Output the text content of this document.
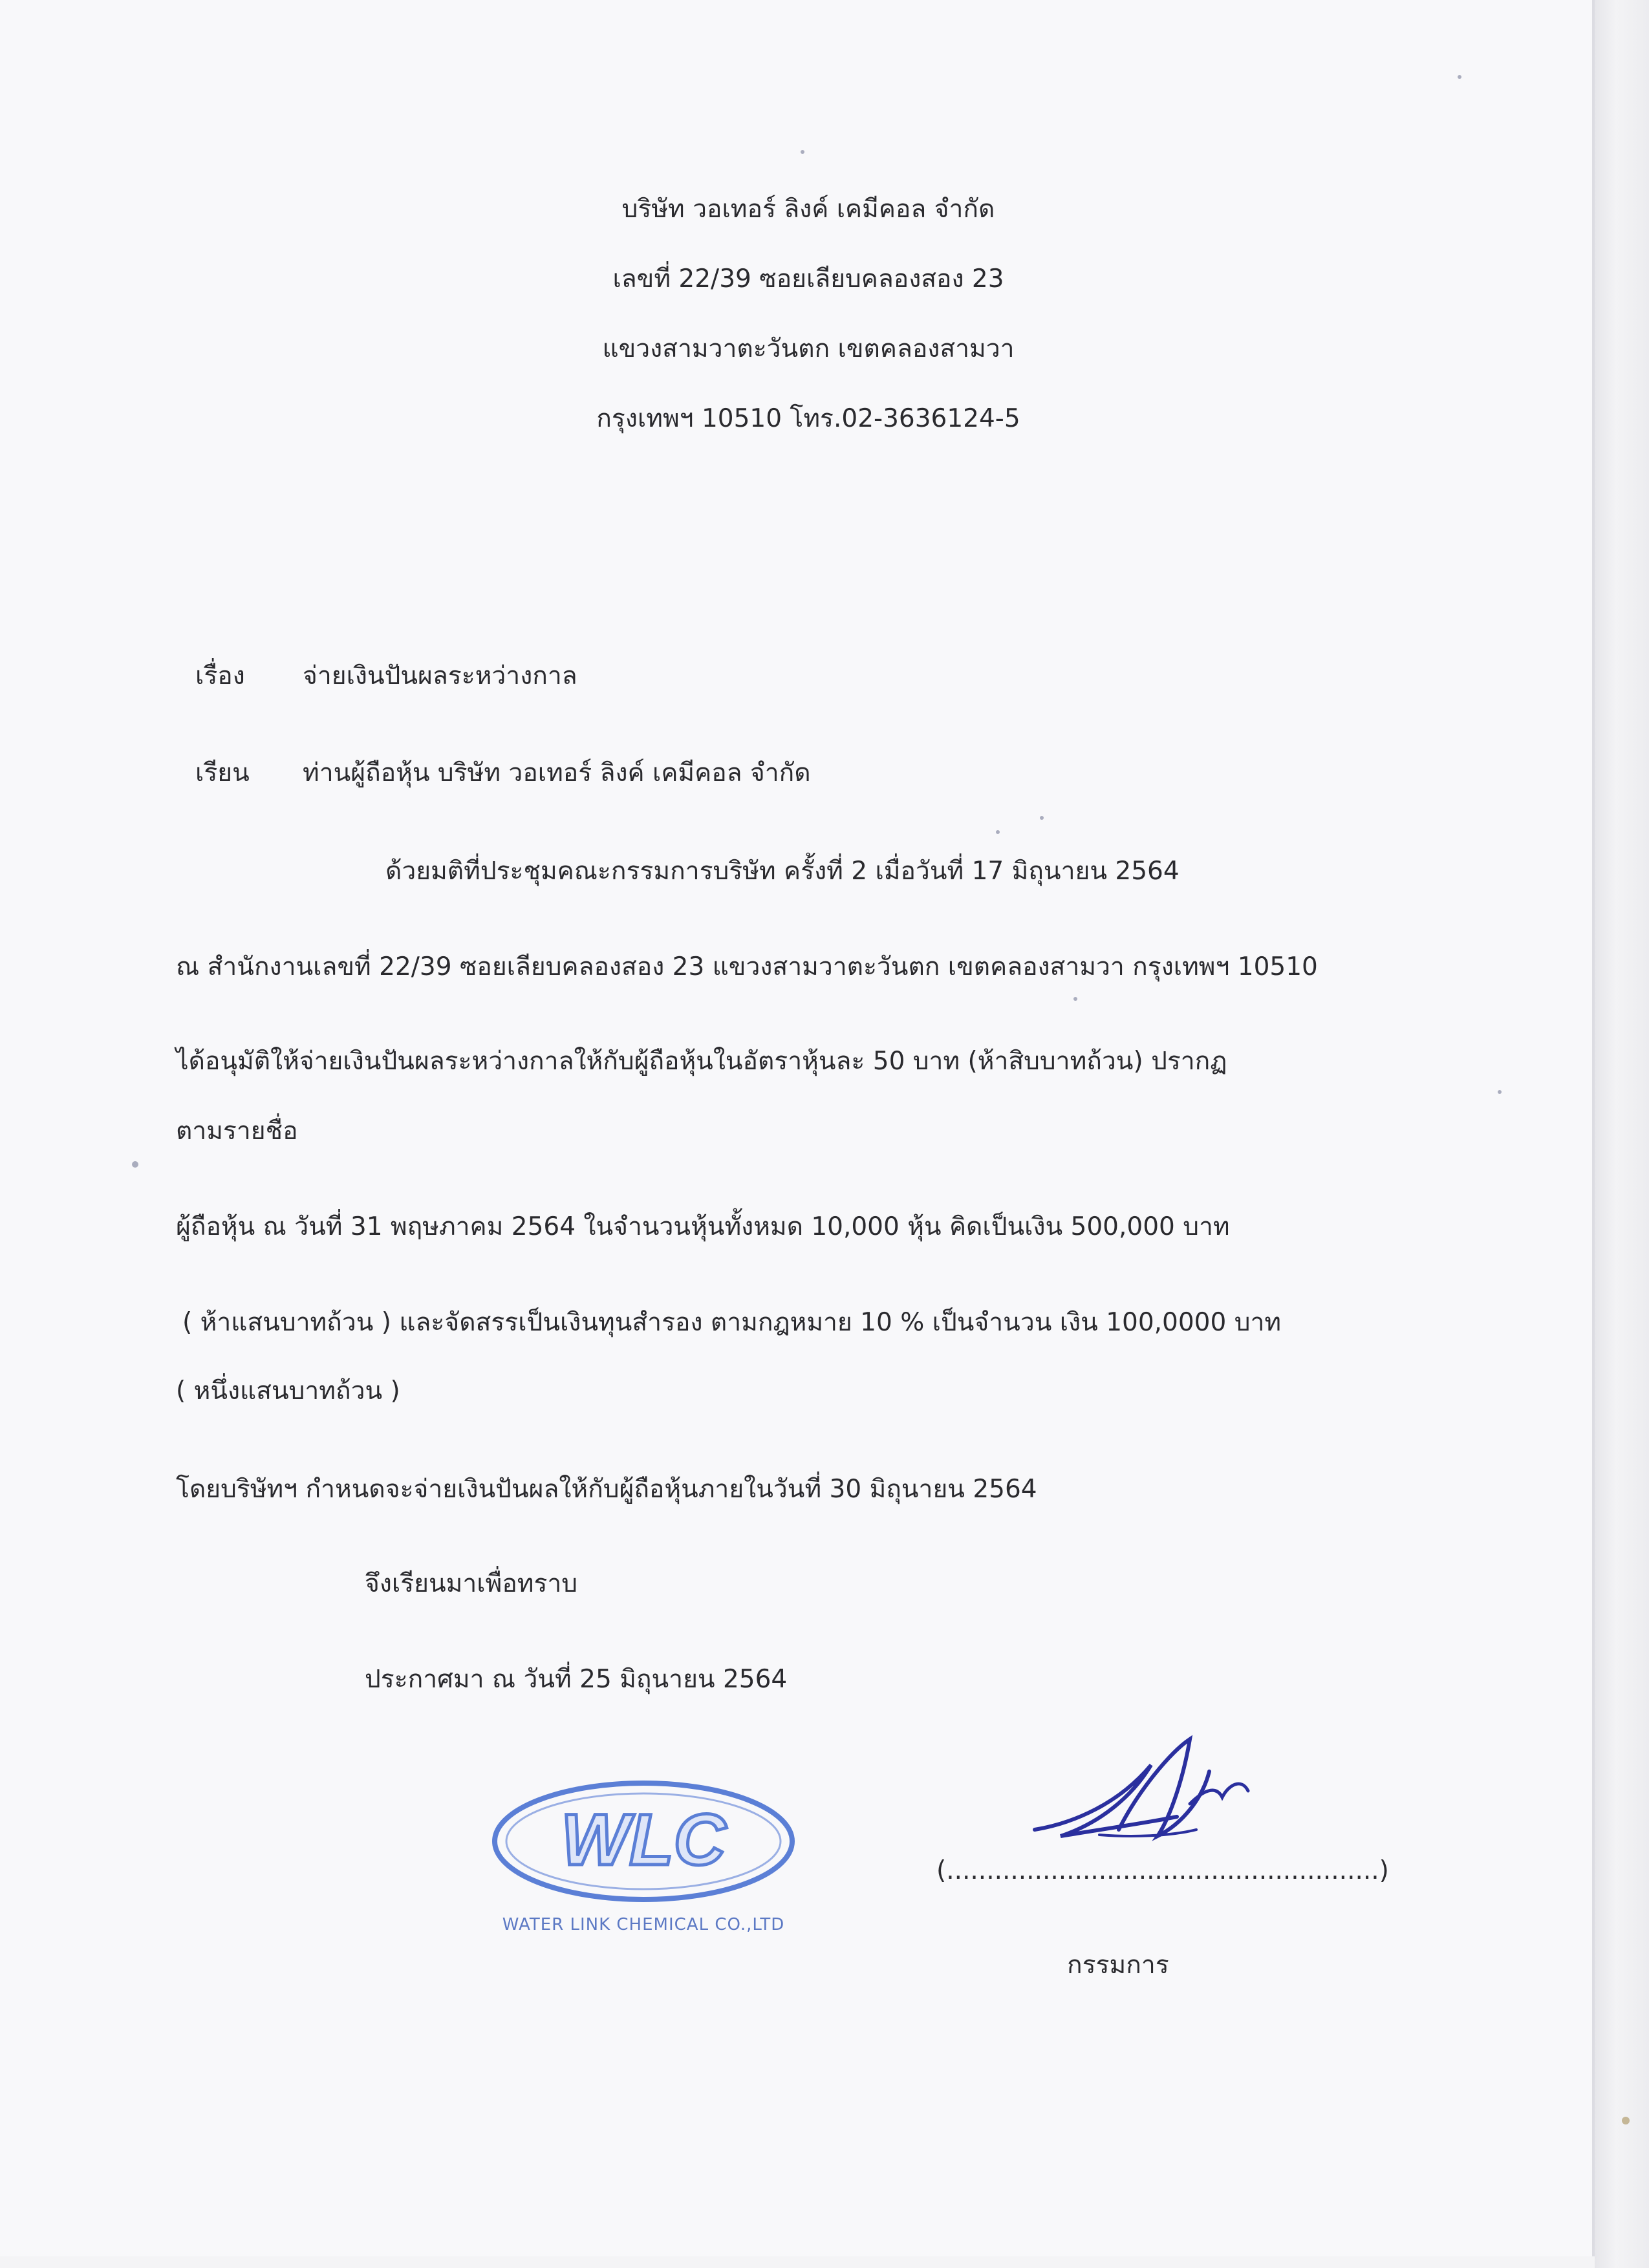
บริษัท วอเทอร์ ลิงค์ เคมีคอล จำกัด
เลขที่ 22/39 ซอยเลียบคลองสอง 23
แขวงสามวาตะวันตก เขตคลองสามวา
กรุงเทพฯ 10510 โทร.02-3636124-5
เรื่อง จ่ายเงินปันผลระหว่างกาล
เรียน ท่านผู้ถือหุ้น บริษัท วอเทอร์ ลิงค์ เคมีคอล จำกัด
ด้วยมติที่ประชุมคณะกรรมการบริษัท ครั้งที่ 2 เมื่อวันที่ 17 มิถุนายน 2564
ณ สำนักงานเลขที่ 22/39 ซอยเลียบคลองสอง 23 แขวงสามวาตะวันตก เขตคลองสามวา กรุงเทพฯ 10510
ได้อนุมัติให้จ่ายเงินปันผลระหว่างกาลให้กับผู้ถือหุ้นในอัตราหุ้นละ 50 บาท (ห้าสิบบาทถ้วน) ปรากฏ
ตามรายชื่อ
ผู้ถือหุ้น ณ วันที่ 31 พฤษภาคม 2564 ในจำนวนหุ้นทั้งหมด 10,000 หุ้น คิดเป็นเงิน 500,000 บาท
( ห้าแสนบาทถ้วน ) และจัดสรรเป็นเงินทุนสำรอง ตามกฎหมาย 10 % เป็นจำนวน เงิน 100,0000 บาท
( หนึ่งแสนบาทถ้วน )
โดยบริษัทฯ กำหนดจะจ่ายเงินปันผลให้กับผู้ถือหุ้นภายในวันที่ 30 มิถุนายน 2564
จึงเรียนมาเพื่อทราบ
ประกาศมา ณ วันที่ 25 มิถุนายน 2564
WLC
WATER LINK CHEMICAL CO.,LTD
(......................................................)
กรรมการ
